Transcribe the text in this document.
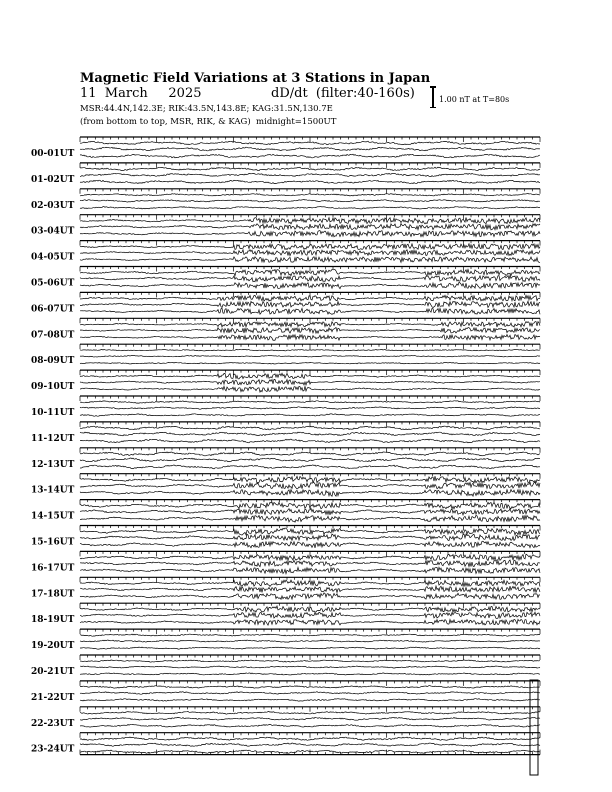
Magnetic Field Variations at 3 Stations in Japan
11  March     2025	dD/dt  (filter:40-160s)
MSR:44.4N,142.3E; RIK:43.5N,143.8E; KAG:31.5N,130.7E
(from bottom to top, MSR, RIK, & KAG)  midnight=1500UT
1.00 nT at T=80s
00-01UT
01-02UT
02-03UT
03-04UT
04-05UT
05-06UT
06-07UT
07-08UT
08-09UT
09-10UT
10-11UT
11-12UT
12-13UT
13-14UT
14-15UT
15-16UT
16-17UT
17-18UT
18-19UT
19-20UT
20-21UT
21-22UT
22-23UT
23-24UT
